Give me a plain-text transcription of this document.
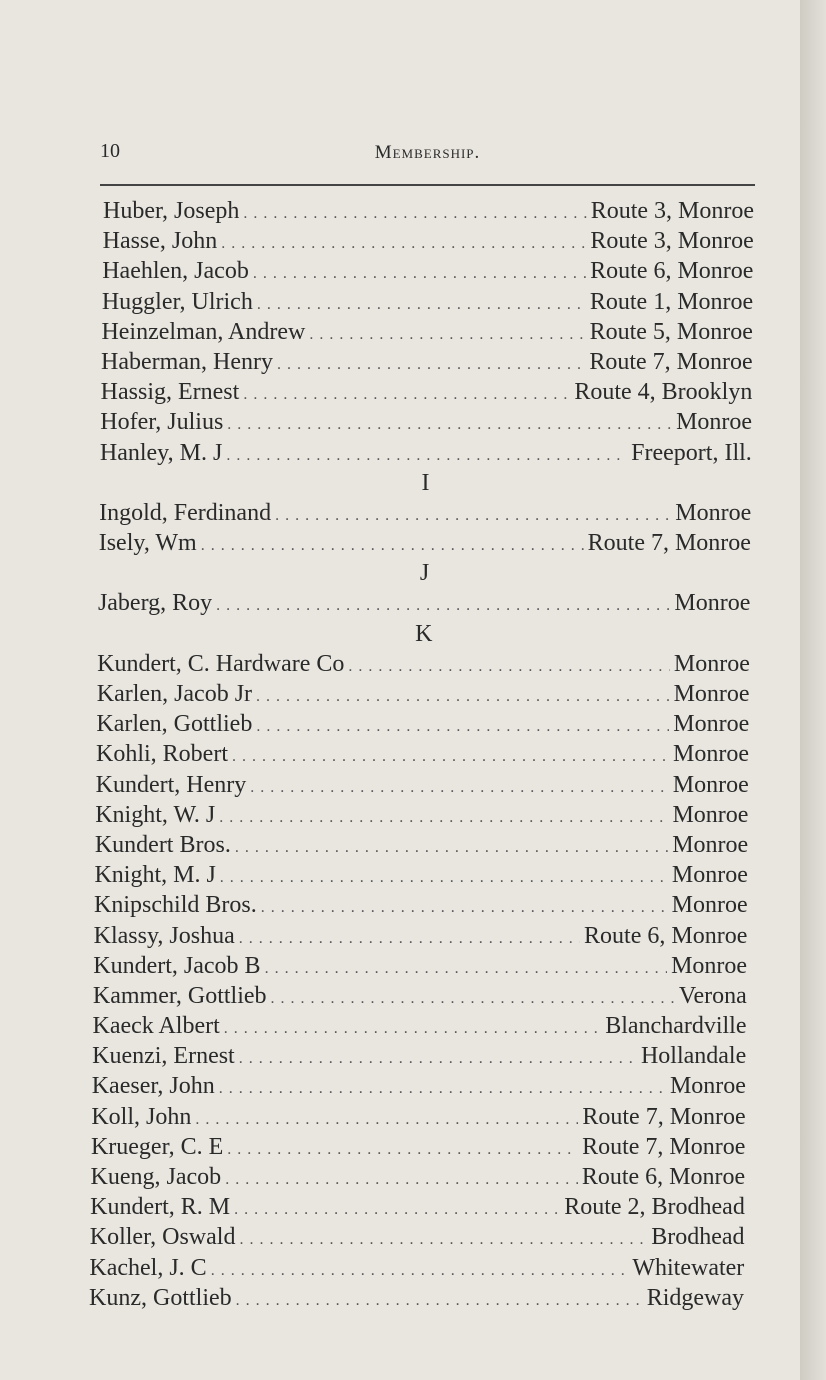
10	Membership.
Huber, Joseph . . .	Route 3, Monroe
Hasse, John . . .	Route 3, Monroe
Haehlen, Jacob . . .	Route 6, Monroe
Huggler, Ulrich . . .	Route 1, Monroe
Heinzelman, Andrew . . .	Route 5, Monroe
Haberman, Henry . . .	Route 7, Monroe
Hassig, Ernest . . .	Route 4, Brooklyn
Hofer, Julius . . .	Monroe
Hanley, M. J . . .	Freeport, Ill.
I
Ingold, Ferdinand . . .	Monroe
Isely, Wm . . .	Route 7, Monroe
J
Jaberg, Roy . . .	Monroe
K
Kundert, C. Hardware Co . . .	Monroe
Karlen, Jacob Jr . . .	Monroe
Karlen, Gottlieb . . .	Monroe
Kohli, Robert . . .	Monroe
Kundert, Henry . . .	Monroe
Knight, W. J . . .	Monroe
Kundert Bros. . . .	Monroe
Knight, M. J . . .	Monroe
Knipschild Bros. . . .	Monroe
Klassy, Joshua . . .	Route 6, Monroe
Kundert, Jacob B . . .	Monroe
Kammer, Gottlieb . . .	Verona
Kaeck Albert . . .	Blanchardville
Kuenzi, Ernest . . .	Hollandale
Kaeser, John . . .	Monroe
Koll, John . . .	Route 7, Monroe
Krueger, C. E . . .	Route 7, Monroe
Kueng, Jacob . . .	Route 6, Monroe
Kundert, R. M . . .	Route 2, Brodhead
Koller, Oswald . . .	Brodhead
Kachel, J. C . . .	Whitewater
Kunz, Gottlieb . . .	Ridgeway
